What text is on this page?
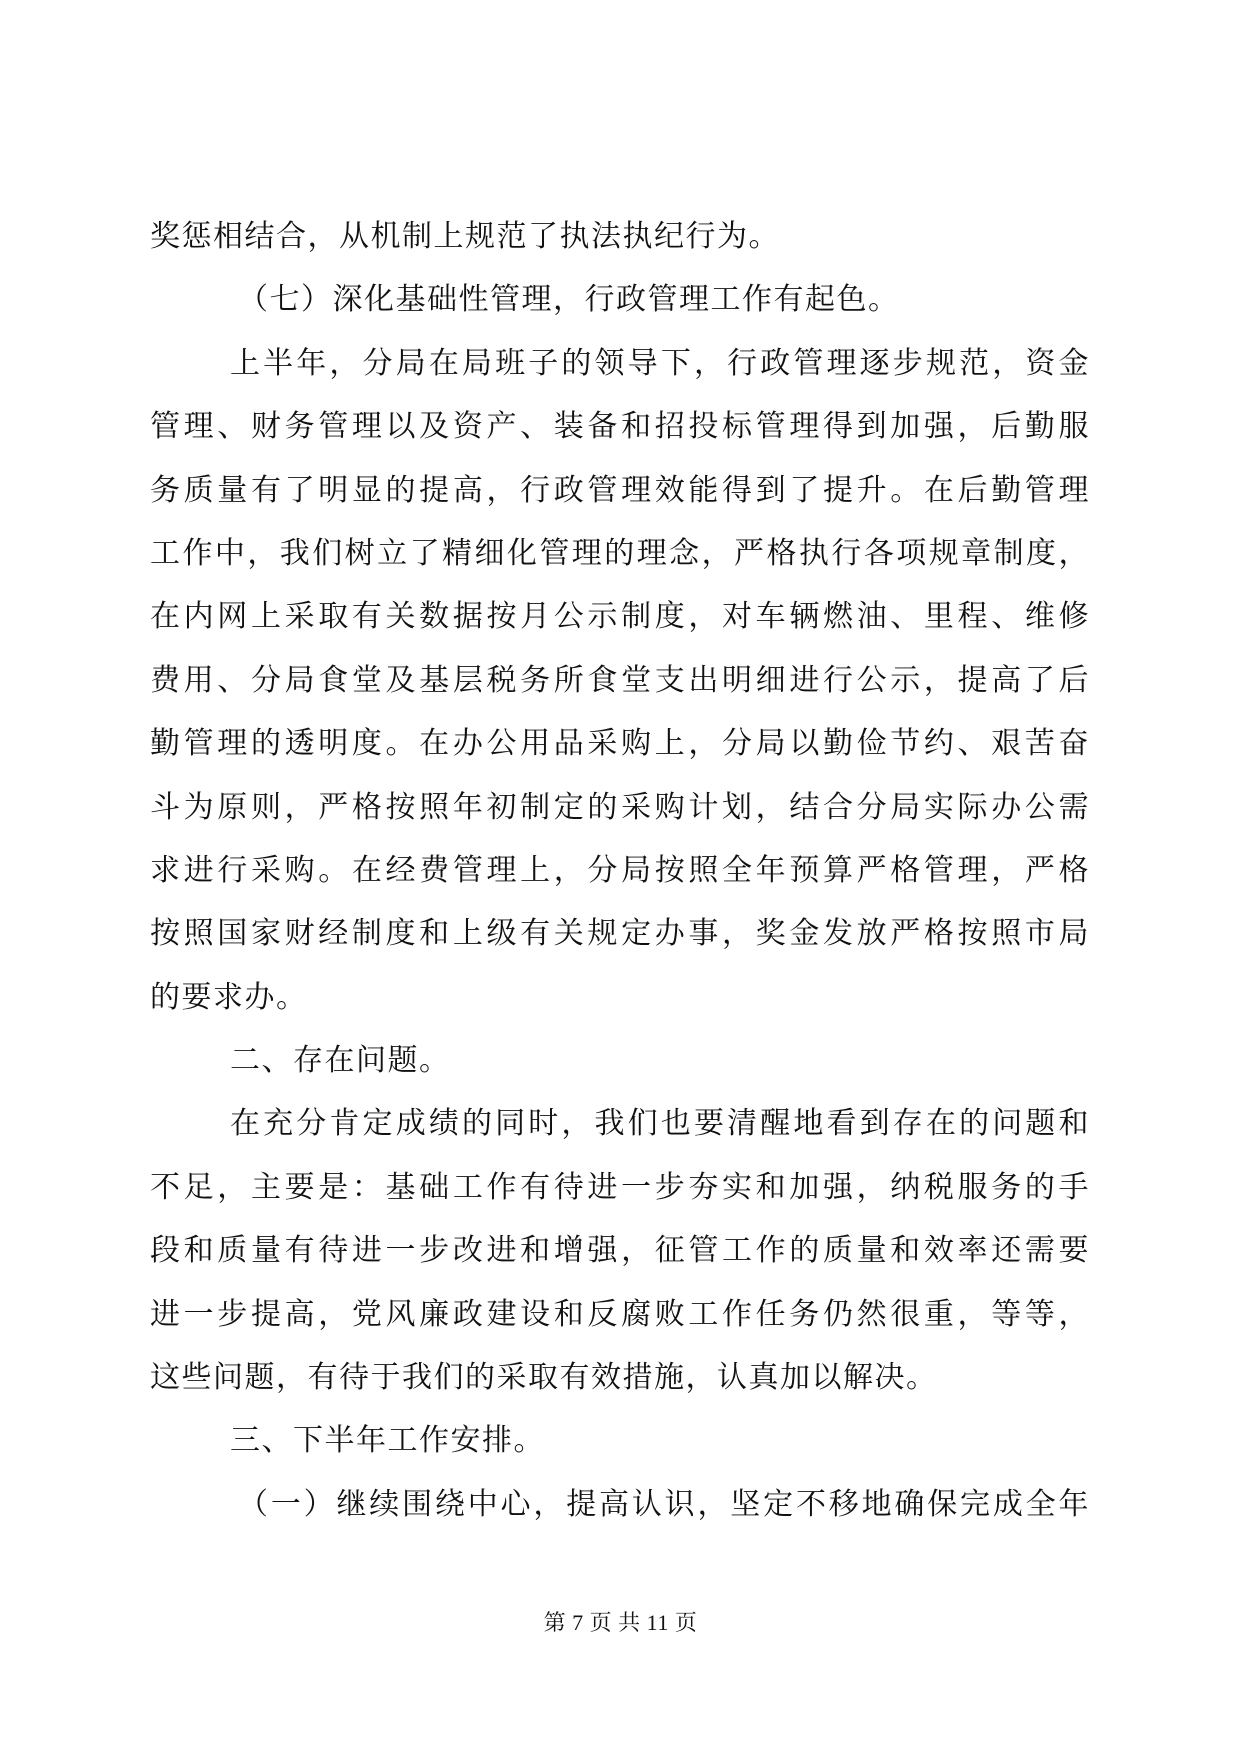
奖惩相结合，从机制上规范了执法执纪行为。
（七）深化基础性管理，行政管理工作有起色。
上半年，分局在局班子的领导下，行政管理逐步规范，资金
管理、财务管理以及资产、装备和招投标管理得到加强，后勤服
务质量有了明显的提高，行政管理效能得到了提升。在后勤管理
工作中，我们树立了精细化管理的理念，严格执行各项规章制度，
在内网上采取有关数据按月公示制度，对车辆燃油、里程、维修
费用、分局食堂及基层税务所食堂支出明细进行公示，提高了后
勤管理的透明度。在办公用品采购上，分局以勤俭节约、艰苦奋
斗为原则，严格按照年初制定的采购计划，结合分局实际办公需
求进行采购。在经费管理上，分局按照全年预算严格管理，严格
按照国家财经制度和上级有关规定办事，奖金发放严格按照市局
的要求办。
二、存在问题。
在充分肯定成绩的同时，我们也要清醒地看到存在的问题和
不足，主要是：基础工作有待进一步夯实和加强，纳税服务的手
段和质量有待进一步改进和增强，征管工作的质量和效率还需要
进一步提高，党风廉政建设和反腐败工作任务仍然很重，等等，
这些问题，有待于我们的采取有效措施，认真加以解决。
三、下半年工作安排。
（一）继续围绕中心，提高认识，坚定不移地确保完成全年
第 7 页 共 11 页
